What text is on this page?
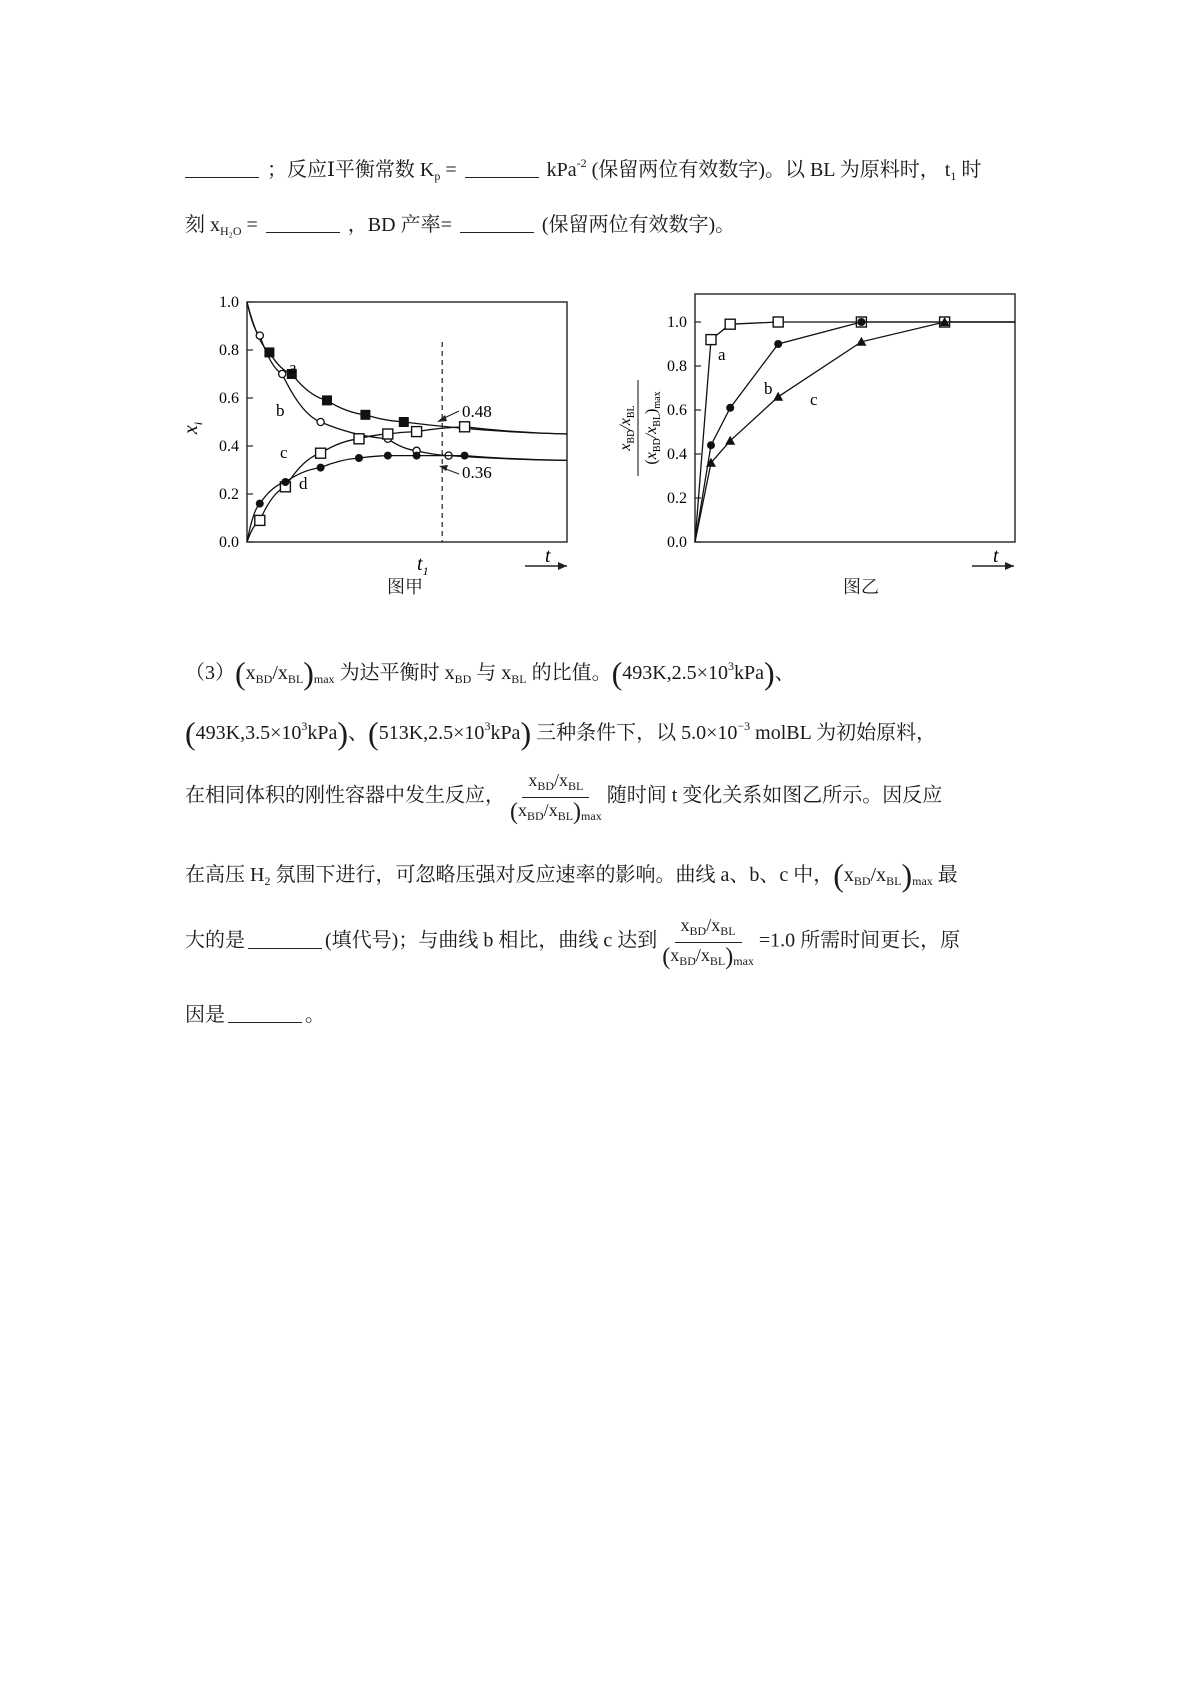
；反应Ⅰ平衡常数 $K_p$ =	kPa$^{-2}$ (保留两位有效数字)。以 BL 为原料时， $t_1$ 时
刻 $x_{H_2O}$ =	，BD 产率=	(保留两位有效数字)。
0.0
0.2
0.4
0.6
0.8
1.0
$x_i$
t
$t_1$
0.48
0.36
a
b
c
d
图甲
0.0
0.2
0.4
0.6
0.8
1.0
$x_{BD}/x_{BL}$
$(x_{BD}/x_{BL})_{max}$
t
a
b
c
图乙
$(3)(x_{BD}/x_{BL})_{max}$ 为达平衡时 $x_{BD}$ 与 $x_{BL}$ 的比值。$(493K,2.5\times 10^3kPa)$、
$(493K,3.5\times 10^3kPa)$、$(513K,2.5\times 10^3kPa)$ 三种条件下，以 $5.0\times 10^{-3}$ molBL 为初始原料，
在相同体积的刚性容器中发生反应， $\frac{x_{BD}/x_{BL}}{(x_{BD}/x_{BL})_{max}}$ 随时间 t 变化关系如图乙所示。因反应
在高压 $H_2$ 氛围下进行，可忽略压强对反应速率的影响。曲线 a、b、c 中，$(x_{BD}/x_{BL})_{max}$ 最
大的是	(填代号)；与曲线 b 相比，曲线 c 达到 $\frac{x_{BD}/x_{BL}}{(x_{BD}/x_{BL})_{max}} =1.0$ 所需时间更长，原
因是	。
